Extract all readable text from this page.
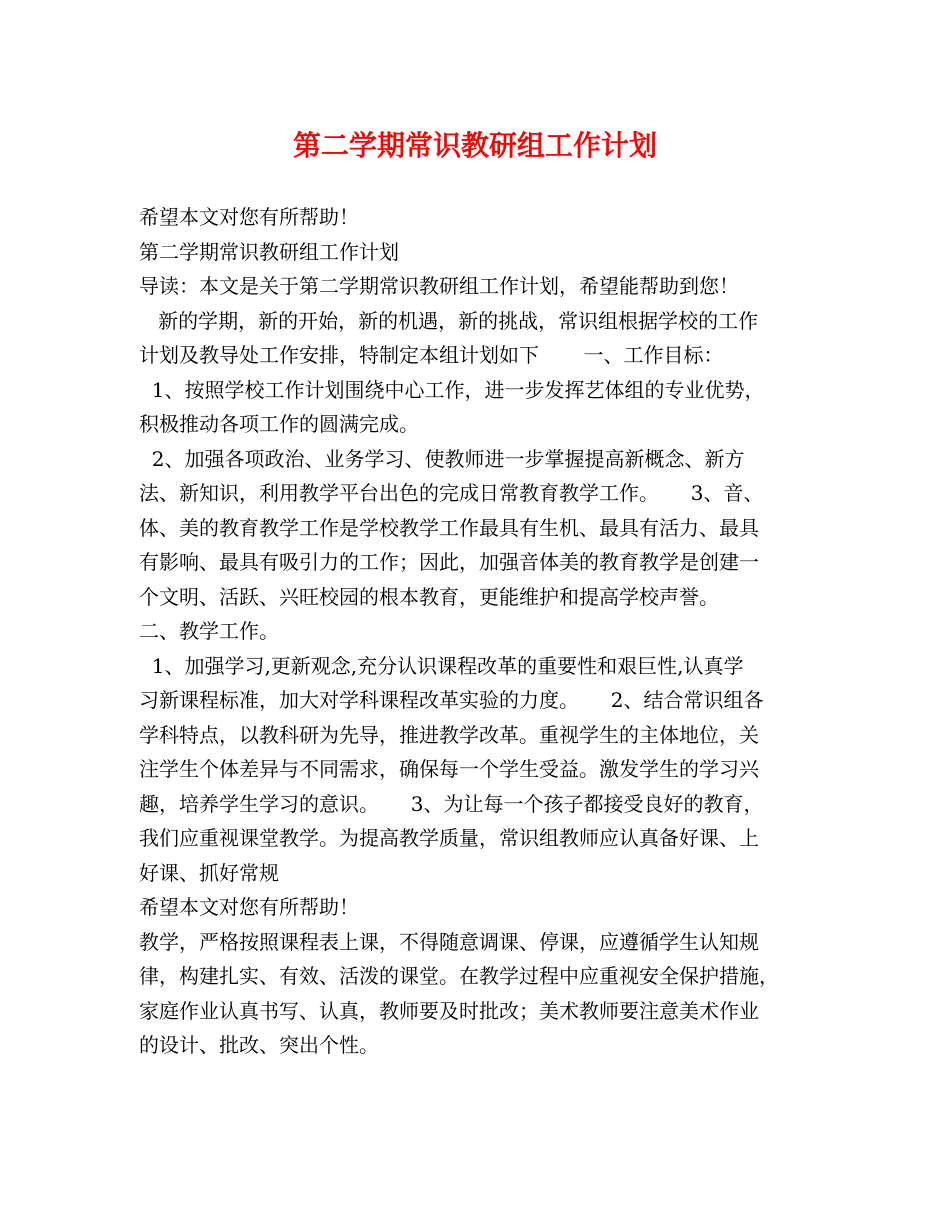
第二学期常识教研组工作计划
希望本文对您有所帮助！
第二学期常识教研组工作计划
导读：本文是关于第二学期常识教研组工作计划，希望能帮助到您！
新的学期，新的开始，新的机遇，新的挑战，常识组根据学校的工作
计划及教导处工作安排，特制定本组计划如下       一、工作目标：
1、按照学校工作计划围绕中心工作，进一步发挥艺体组的专业优势，
积极推动各项工作的圆满完成。
2、加强各项政治、业务学习、使教师进一步掌握提高新概念、新方
法、新知识，利用教学平台出色的完成日常教育教学工作。     3、音、
体、美的教育教学工作是学校教学工作最具有生机、最具有活力、最具
有影响、最具有吸引力的工作；因此，加强音体美的教育教学是创建一
个文明、活跃、兴旺校园的根本教育，更能维护和提高学校声誉。
二、教学工作。
1、加强学习,更新观念,充分认识课程改革的重要性和艰巨性,认真学
习新课程标准，加大对学科课程改革实验的力度。     2、结合常识组各
学科特点，以教科研为先导，推进教学改革。重视学生的主体地位，关
注学生个体差异与不同需求，确保每一个学生受益。激发学生的学习兴
趣，培养学生学习的意识。     3、为让每一个孩子都接受良好的教育，
我们应重视课堂教学。为提高教学质量，常识组教师应认真备好课、上
好课、抓好常规
希望本文对您有所帮助！
教学，严格按照课程表上课，不得随意调课、停课，应遵循学生认知规
律，构建扎实、有效、活泼的课堂。在教学过程中应重视安全保护措施，
家庭作业认真书写、认真，教师要及时批改；美术教师要注意美术作业
的设计、批改、突出个性。
